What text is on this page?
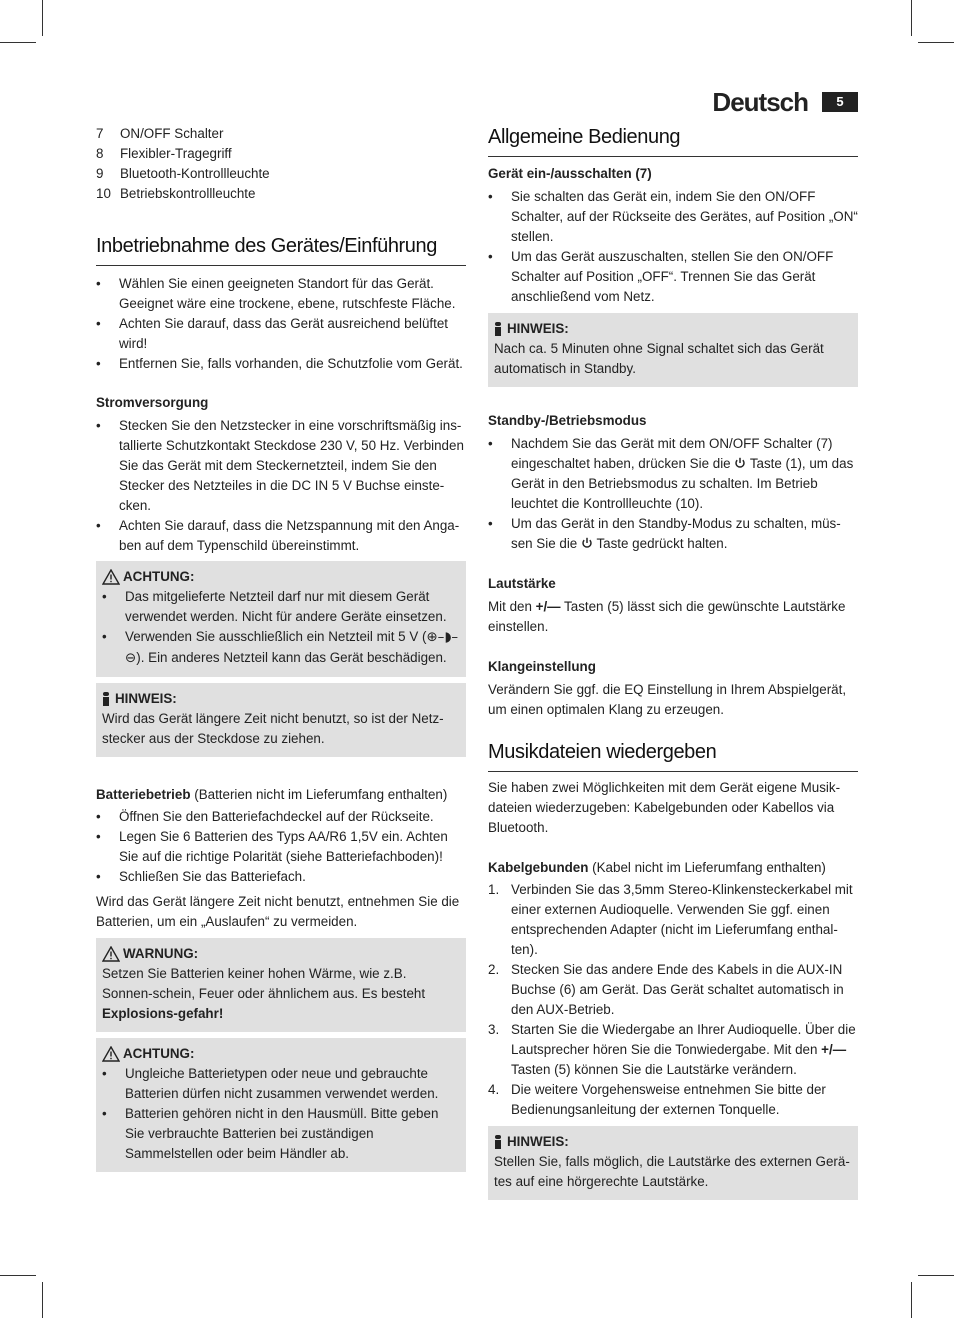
Deutsch	5
7	ON/OFF Schalter
8	Flexibler-Tragegriff
9	Bluetooth-Kontrollleuchte
10 Betriebskontrollleuchte
Inbetriebnahme des Gerätes/Einführung
• Wählen Sie einen geeigneten Standort für das Gerät. Geeignet wäre eine trockene, ebene, rutschfeste Fläche.
• Achten Sie darauf, dass das Gerät ausreichend belüftet wird!
• Entfernen Sie, falls vorhanden, die Schutzfolie vom Gerät.
Stromversorgung
• Stecken Sie den Netzstecker in eine vorschriftsmäßig ins-tallierte Schutzkontakt Steckdose 230 V, 50 Hz. Verbinden Sie das Gerät mit dem Steckernetzteil, indem Sie den Stecker des Netzteiles in die DC IN 5 V Buchse einste-cken.
• Achten Sie darauf, dass die Netzspannung mit den Anga-ben auf dem Typenschild übereinstimmt.
ACHTUNG:
• Das mitgelieferte Netzteil darf nur mit diesem Gerät verwendet werden. Nicht für andere Geräte einsetzen.
• Verwenden Sie ausschließlich ein Netzteil mit 5 V (⊕–◗– ⊖). Ein anderes Netzteil kann das Gerät beschädigen.
HINWEIS:

Wird das Gerät längere Zeit nicht benutzt, so ist der Netz-stecker aus der Steckdose zu ziehen.

Batteriebetrieb (Batterien nicht im Lieferumfang enthalten)

• Öffnen Sie den Batteriefachdeckel auf der Rückseite.
• Legen Sie 6 Batterien des Typs AA/R6 1,5V ein. Achten Sie auf die richtige Polarität (siehe Batteriefachboden)!
• Schließen Sie das Batteriefach.

Wird das Gerät längere Zeit nicht benutzt, entnehmen Sie die Batterien, um ein „Auslaufen“ zu vermeiden.

WARNUNG:

Setzen Sie Batterien keiner hohen Wärme, wie z.B. Sonnen-schein, Feuer oder ähnlichem aus. Es besteht Explosions-gefahr!

ACHTUNG:
• Ungleiche Batterietypen oder neue und gebrauchte Batterien dürfen nicht zusammen verwendet werden.
• Batterien gehören nicht in den Hausmüll. Bitte geben Sie verbrauchte Batterien bei zuständigen Sammelstellen oder beim Händler ab.
Allgemeine Bedienung
Gerät ein-/ausschalten (7)
• Sie schalten das Gerät ein, indem Sie den ON/OFF Schalter, auf der Rückseite des Gerätes, auf Position „ON“ stellen.
• Um das Gerät auszuschalten, stellen Sie den ON/OFF Schalter auf Position „OFF“. Trennen Sie das Gerät anschließend vom Netz.
HINWEIS:

Nach ca. 5 Minuten ohne Signal schaltet sich das Gerät automatisch in Standby.

Standby-/Betriebsmodus
• Nachdem Sie das Gerät mit dem ON/OFF Schalter (7) eingeschaltet haben, drücken Sie die  Taste (1), um das Gerät in den Betriebsmodus zu schalten. Im Betrieb leuchtet die Kontrollleuchte (10).
• Um das Gerät in den Standby-Modus zu schalten, müs-sen Sie die  Taste gedrückt halten.
Lautstärke

Mit den +/— Tasten (5) lässt sich die gewünschte Lautstärke einstellen.

Klangeinstellung

Verändern Sie ggf. die EQ Einstellung in Ihrem Abspielgerät, um einen optimalen Klang zu erzeugen.

Musikdateien wiedergeben

Sie haben zwei Möglichkeiten mit dem Gerät eigene Musik-dateien wiederzugeben: Kabelgebunden oder Kabellos via Bluetooth.

Kabelgebunden (Kabel nicht im Lieferumfang enthalten)

1. Verbinden Sie das 3,5mm Stereo-Klinkensteckerkabel mit einer externen Audioquelle. Verwenden Sie ggf. einen entsprechenden Adapter (nicht im Lieferumfang enthal-ten).
2. Stecken Sie das andere Ende des Kabels in die AUX-IN Buchse (6) am Gerät. Das Gerät schaltet automatisch in den AUX-Betrieb.
3. Starten Sie die Wiedergabe an Ihrer Audioquelle. Über die Lautsprecher hören Sie die Tonwiedergabe. Mit den +/— Tasten (5) können Sie die Lautstärke verändern.
4. Die weitere Vorgehensweise entnehmen Sie bitte der Bedienungsanleitung der externen Tonquelle.
HINWEIS:

Stellen Sie, falls möglich, die Lautstärke des externen Gerä-tes auf eine hörgerechte Lautstärke.
